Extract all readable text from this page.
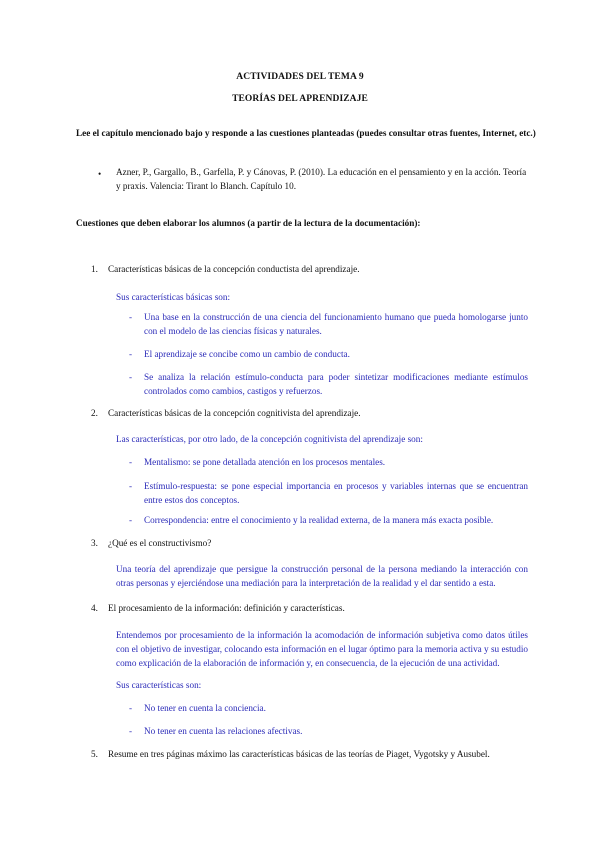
ACTIVIDADES DEL TEMA 9
TEORÍAS DEL APRENDIZAJE
Lee el capítulo mencionado bajo y responde a las cuestiones planteadas (puedes consultar otras fuentes, Internet, etc.)
• Azner, P., Gargallo, B., Garfella, P. y Cánovas, P. (2010). La educación en el pensamiento y en la acción. Teoría y praxis. Valencia: Tirant lo Blanch. Capítulo 10.
Cuestiones que deben elaborar los alumnos (a partir de la lectura de la documentación):
1. Características básicas de la concepción conductista del aprendizaje.
Sus características básicas son:
- Una base en la construcción de una ciencia del funcionamiento humano que pueda homologarse junto con el modelo de las ciencias físicas y naturales.
- El aprendizaje se concibe como un cambio de conducta.
- Se analiza la relación estímulo-conducta para poder sintetizar modificaciones mediante estímulos controlados como cambios, castigos y refuerzos.
2. Características básicas de la concepción cognitivista del aprendizaje.
Las características, por otro lado, de la concepción cognitivista del aprendizaje son:
- Mentalismo: se pone detallada atención en los procesos mentales.
- Estímulo-respuesta: se pone especial importancia en procesos y variables internas que se encuentran entre estos dos conceptos.
- Correspondencia: entre el conocimiento y la realidad externa, de la manera más exacta posible.
3. ¿Qué es el constructivismo?
Una teoría del aprendizaje que persigue la construcción personal de la persona mediando la interacción con otras personas y ejerciéndose una mediación para la interpretación de la realidad y el dar sentido a esta.
4. El procesamiento de la información: definición y características.
Entendemos por procesamiento de la información la acomodación de información subjetiva como datos útiles con el objetivo de investigar, colocando esta información en el lugar óptimo para la memoria activa y su estudio como explicación de la elaboración de información y, en consecuencia, de la ejecución de una actividad.
Sus características son:
- No tener en cuenta la conciencia.
- No tener en cuenta las relaciones afectivas.
5. Resume en tres páginas máximo las características básicas de las teorías de Piaget, Vygotsky y Ausubel.
